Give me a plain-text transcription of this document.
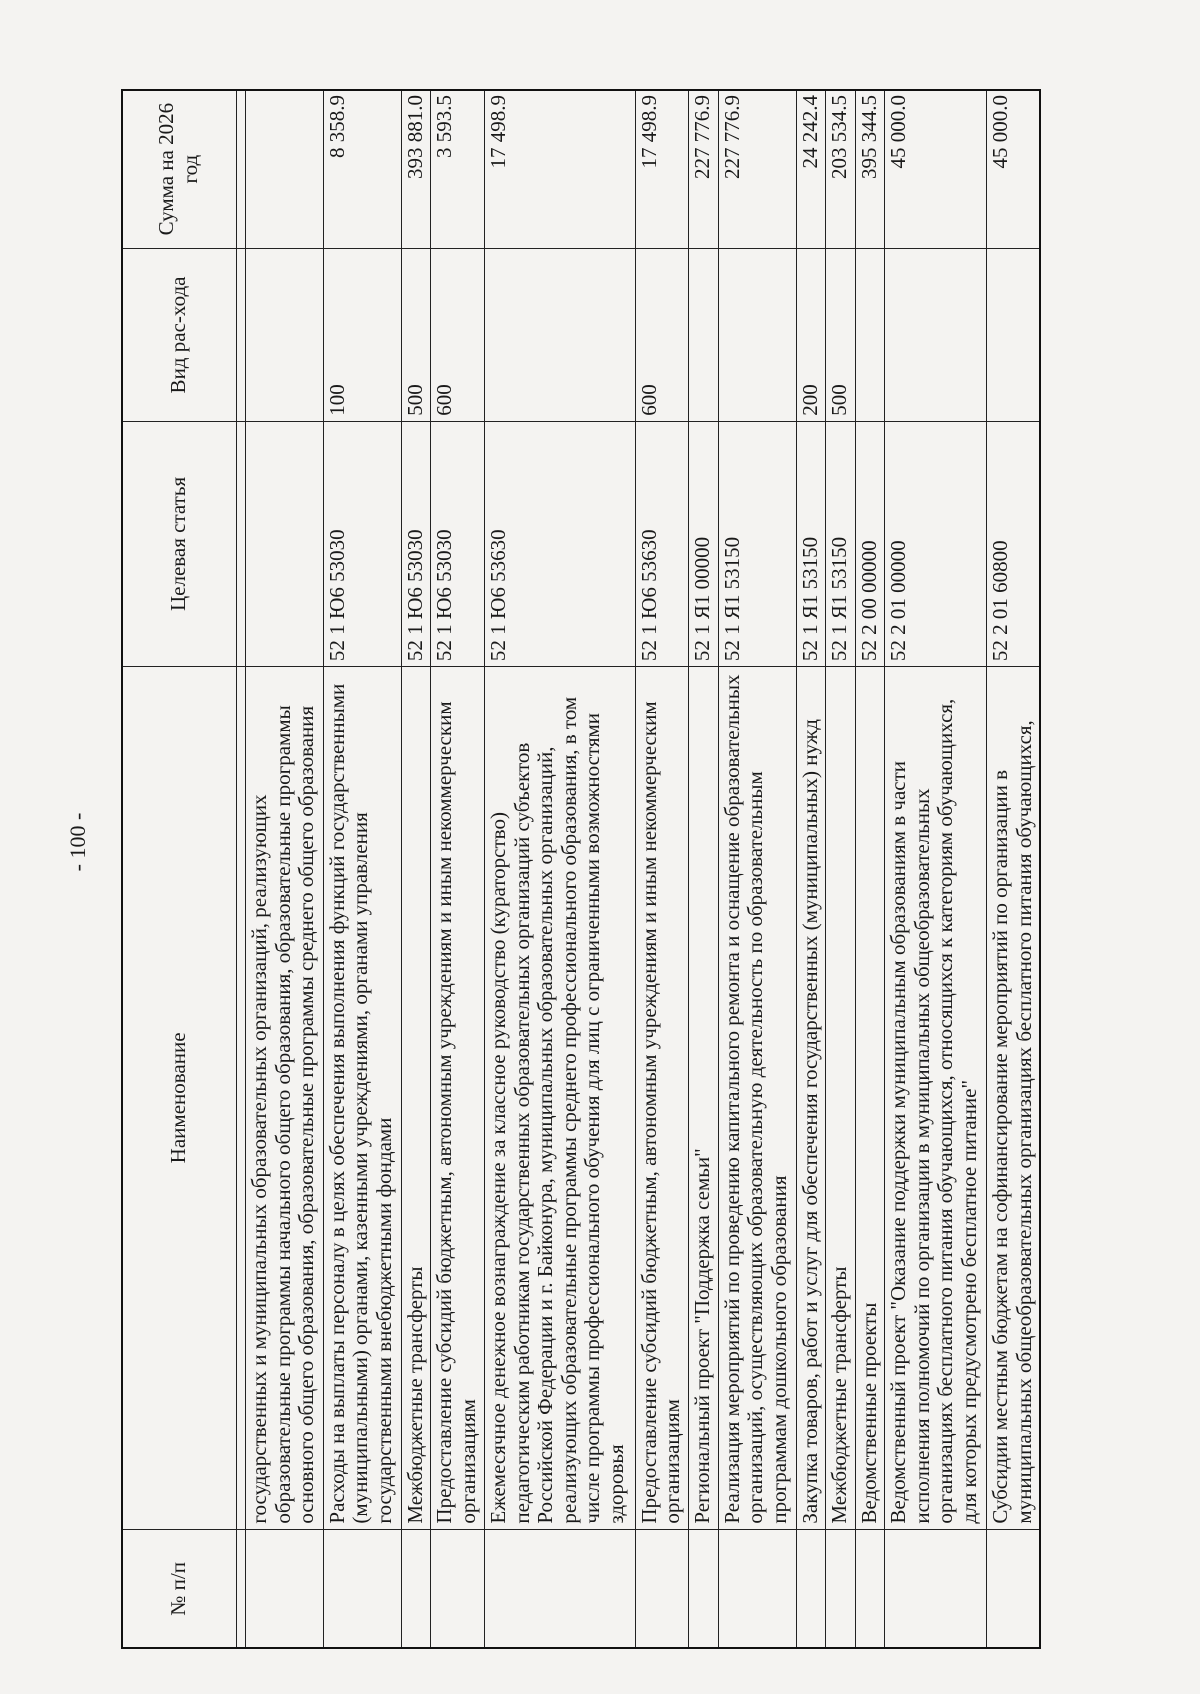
- 100 -
№ п/п	Наименование	Целевая статья	Вид рас-хода	Сумма на 2026 год

	государственных и муниципальных образовательных организаций, реализующих образовательные программы начального общего образования, образовательные программы основного общего образования, образовательные программы среднего общего образования			
	Расходы на выплаты персоналу в целях обеспечения выполнения функций государственными (муниципальными) органами, казенными учреждениями, органами управления государственными внебюджетными фондами	52 1 Ю6 53030	100	8 358.9
	Межбюджетные трансферты	52 1 Ю6 53030	500	393 881.0
	Предоставление субсидий бюджетным, автономным учреждениям и иным некоммерческим организациям	52 1 Ю6 53030	600	3 593.5
	Ежемесячное денежное вознаграждение за классное руководство (кураторство) педагогическим работникам государственных образовательных организаций субъектов Российской Федерации и г. Байконура, муниципальных образовательных организаций, реализующих образовательные программы среднего профессионального образования, в том числе программы профессионального обучения для лиц с ограниченными возможностями здоровья	52 1 Ю6 53630		17 498.9
	Предоставление субсидий бюджетным, автономным учреждениям и иным некоммерческим организациям	52 1 Ю6 53630	600	17 498.9
	Региональный проект "Поддержка семьи"	52 1 Я1 00000		227 776.9
	Реализация мероприятий по проведению капитального ремонта и оснащение образовательных организаций, осуществляющих образовательную деятельность по образовательным программам дошкольного образования	52 1 Я1 53150		227 776.9
	Закупка товаров, работ и услуг для обеспечения государственных (муниципальных) нужд	52 1 Я1 53150	200	24 242.4
	Межбюджетные трансферты	52 1 Я1 53150	500	203 534.5
	Ведомственные проекты	52 2 00 00000		395 344.5
	Ведомственный проект "Оказание поддержки муниципальным образованиям в части исполнения полномочий по организации в муниципальных общеобразовательных организациях бесплатного питания обучающихся, относящихся к категориям обучающихся, для которых предусмотрено бесплатное питание"	52 2 01 00000		45 000.0
	Субсидии местным бюджетам на софинансирование мероприятий по организации в муниципальных общеобразовательных организациях бесплатного питания обучающихся,	52 2 01 60800		45 000.0
